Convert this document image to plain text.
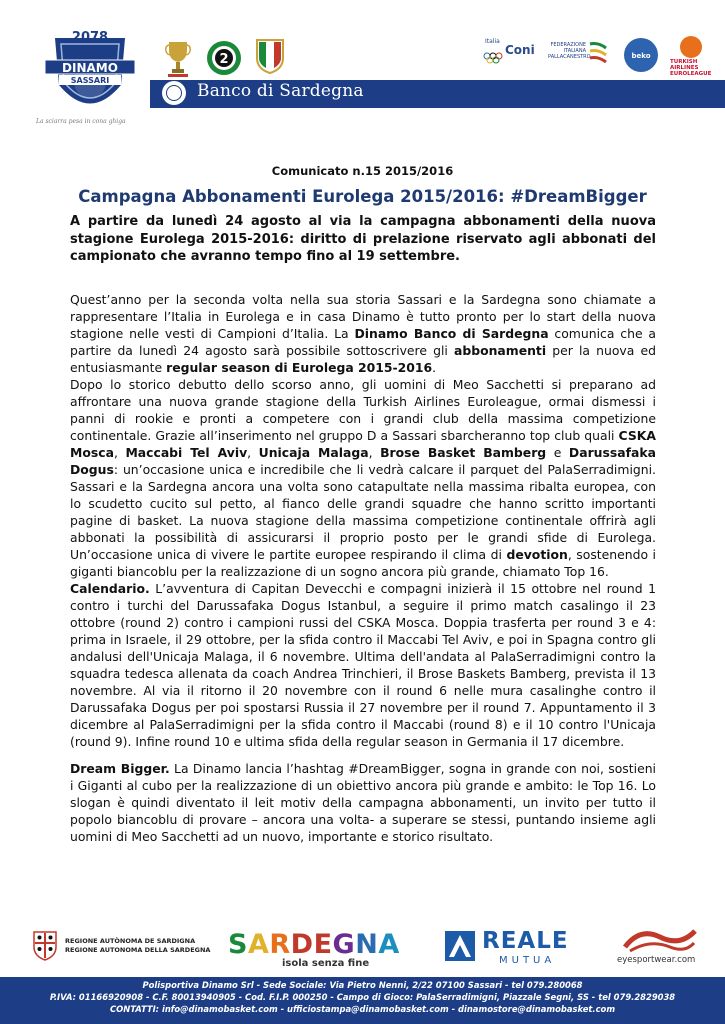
2078
DINAMO
SASSARI
La sciarra pesa in cona ghiga
2
Banco di Sardegna
Italia
Coni	FEDERAZIONE ITALIANA PALLACANESTRO	beko
TURKISH AIRLINES EUROLEAGUE
Comunicato n.15 2015/2016
Campagna Abbonamenti Eurolega 2015/2016: #DreamBigger
A partire da lunedì 24 agosto al via la campagna abbonamenti della nuova stagione Eurolega 2015-2016: diritto di prelazione riservato agli abbonati del campionato che avranno tempo fino al 19 settembre.
Quest’anno per la seconda volta nella sua storia Sassari e la Sardegna sono chiamate a rappresentare l’Italia in Eurolega e in casa Dinamo è tutto pronto per lo start della nuova stagione nelle vesti di Campioni d’Italia. La Dinamo Banco di Sardegna comunica che a partire da lunedì 24 agosto sarà possibile sottoscrivere gli abbonamenti per la nuova ed entusiasmante regular season di Eurolega 2015-2016.
Dopo lo storico debutto dello scorso anno, gli uomini di Meo Sacchetti si preparano ad affrontare una nuova grande stagione della Turkish Airlines Euroleague, ormai dismessi i panni di rookie e pronti a competere con i grandi club della massima competizione continentale. Grazie all’inserimento nel gruppo D a Sassari sbarcheranno top club quali CSKA Mosca, Maccabi Tel Aviv, Unicaja Malaga, Brose Basket Bamberg e Darussafaka Dogus: un’occasione unica e incredibile che li vedrà calcare il parquet del PalaSerradimigni. Sassari e la Sardegna ancora una volta sono catapultate nella massima ribalta europea, con lo scudetto cucito sul petto, al fianco delle grandi squadre che hanno scritto importanti pagine di basket. La nuova stagione della massima competizione continentale offrirà agli abbonati la possibilità di assicurarsi il proprio posto per le grandi sfide di Eurolega. Un’occasione unica di vivere le partite europee respirando il clima di devotion, sostenendo i giganti biancoblu per la realizzazione di un sogno ancora più grande, chiamato Top 16.
Calendario. L’avventura di Capitan Devecchi e compagni inizierà il 15 ottobre nel round 1 contro i turchi del Darussafaka Dogus Istanbul, a seguire il primo match casalingo il 23 ottobre (round 2) contro i campioni russi del CSKA Mosca. Doppia trasferta per round 3 e 4: prima in Israele, il 29 ottobre, per la sfida contro il Maccabi Tel Aviv, e poi in Spagna contro gli andalusi dell'Unicaja Malaga, il 6 novembre. Ultima dell'andata al PalaSerradimigni contro la squadra tedesca allenata da coach Andrea Trinchieri, il Brose Baskets Bamberg, prevista il 13 novembre. Al via il ritorno il 20 novembre con il round 6 nelle mura casalinghe contro il Darussafaka Dogus per poi spostarsi Russia il 27 novembre per il round 7. Appuntamento il 3 dicembre al PalaSerradimigni per la sfida contro il Maccabi (round 8) e il 10 contro l'Unicaja (round 9). Infine round 10 e ultima sfida della regular season in Germania il 17 dicembre.
Dream Bigger. La Dinamo lancia l’hashtag #DreamBigger, sogna in grande con noi, sostieni i Giganti al cubo per la realizzazione di un obiettivo ancora più grande e ambito: le Top 16. Lo slogan è quindi diventato il leit motiv della campagna abbonamenti, un invito per tutto il popolo biancoblu di provare – ancora una volta- a superare se stessi, puntando insieme agli uomini di Meo Sacchetti ad un nuovo, importante e storico risultato.
REGIONE AUTÒNOMA DE SARDIGNA
REGIONE AUTONOMA DELLA SARDEGNA SARDEGNA
isola senza fine
REALE
MUTUA	eyesportwear.com
Polisportiva Dinamo Srl - Sede Sociale: Via Pietro Nenni, 2/22 07100 Sassari - tel 079.280068
P.IVA: 01166920908 - C.F. 80013940905 - Cod. F.I.P. 000250 - Campo di Gioco: PalaSerradimigni, Piazzale Segni, SS - tel 079.2829038
CONTATTI: info@dinamobasket.com - ufficiostampa@dinamobasket.com - dinamostore@dinamobasket.com
